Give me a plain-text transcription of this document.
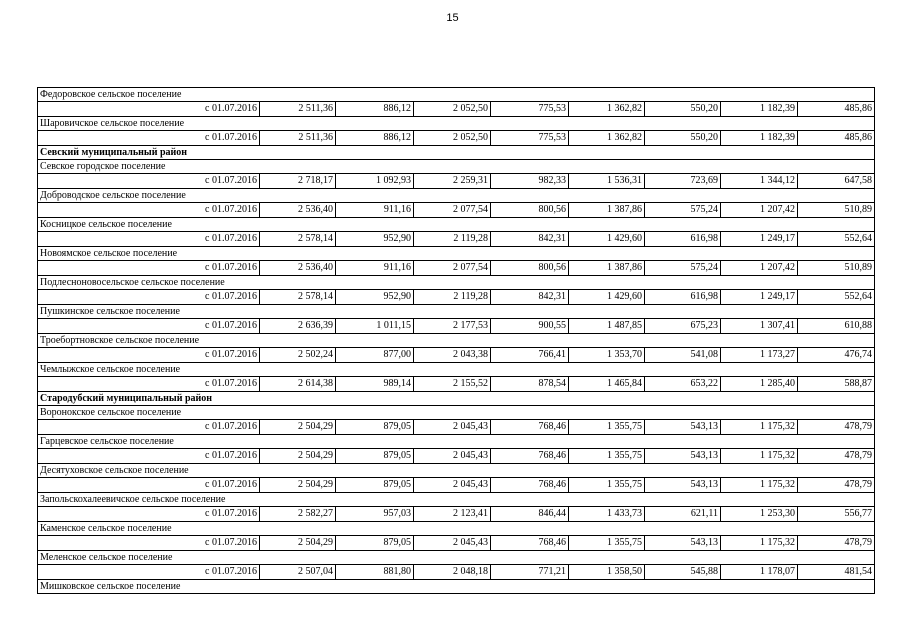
15
Федоровское сельское поселение								
с 01.07.2016	2 511,36	886,12	2 052,50	775,53	1 362,82	550,20	1 182,39	485,86
Шаровичское сельское поселение								
с 01.07.2016	2 511,36	886,12	2 052,50	775,53	1 362,82	550,20	1 182,39	485,86
Севский муниципальный район								
Севское городское поселение								
с 01.07.2016	2 718,17	1 092,93	2 259,31	982,33	1 536,31	723,69	1 344,12	647,58
Доброводское сельское поселение								
с 01.07.2016	2 536,40	911,16	2 077,54	800,56	1 387,86	575,24	1 207,42	510,89
Косницкое сельское поселение								
с 01.07.2016	2 578,14	952,90	2 119,28	842,31	1 429,60	616,98	1 249,17	552,64
Новоямское сельское поселение								
с 01.07.2016	2 536,40	911,16	2 077,54	800,56	1 387,86	575,24	1 207,42	510,89
Подлесноновосельское сельское поселение								
с 01.07.2016	2 578,14	952,90	2 119,28	842,31	1 429,60	616,98	1 249,17	552,64
Пушкинское сельское поселение								
с 01.07.2016	2 636,39	1 011,15	2 177,53	900,55	1 487,85	675,23	1 307,41	610,88
Троебортновское сельское поселение								
с 01.07.2016	2 502,24	877,00	2 043,38	766,41	1 353,70	541,08	1 173,27	476,74
Чемлыжское сельское поселение								
с 01.07.2016	2 614,38	989,14	2 155,52	878,54	1 465,84	653,22	1 285,40	588,87
Стародубский муниципальный район								
Воронокское сельское поселение								
с 01.07.2016	2 504,29	879,05	2 045,43	768,46	1 355,75	543,13	1 175,32	478,79
Гарцевское сельское поселение								
с 01.07.2016	2 504,29	879,05	2 045,43	768,46	1 355,75	543,13	1 175,32	478,79
Десятуховское сельское поселение								
с 01.07.2016	2 504,29	879,05	2 045,43	768,46	1 355,75	543,13	1 175,32	478,79
Запольскохалеевичское сельское поселение								
с 01.07.2016	2 582,27	957,03	2 123,41	846,44	1 433,73	621,11	1 253,30	556,77
Каменское сельское поселение								
с 01.07.2016	2 504,29	879,05	2 045,43	768,46	1 355,75	543,13	1 175,32	478,79
Меленское сельское поселение								
с 01.07.2016	2 507,04	881,80	2 048,18	771,21	1 358,50	545,88	1 178,07	481,54
Мишковское сельское поселение								
